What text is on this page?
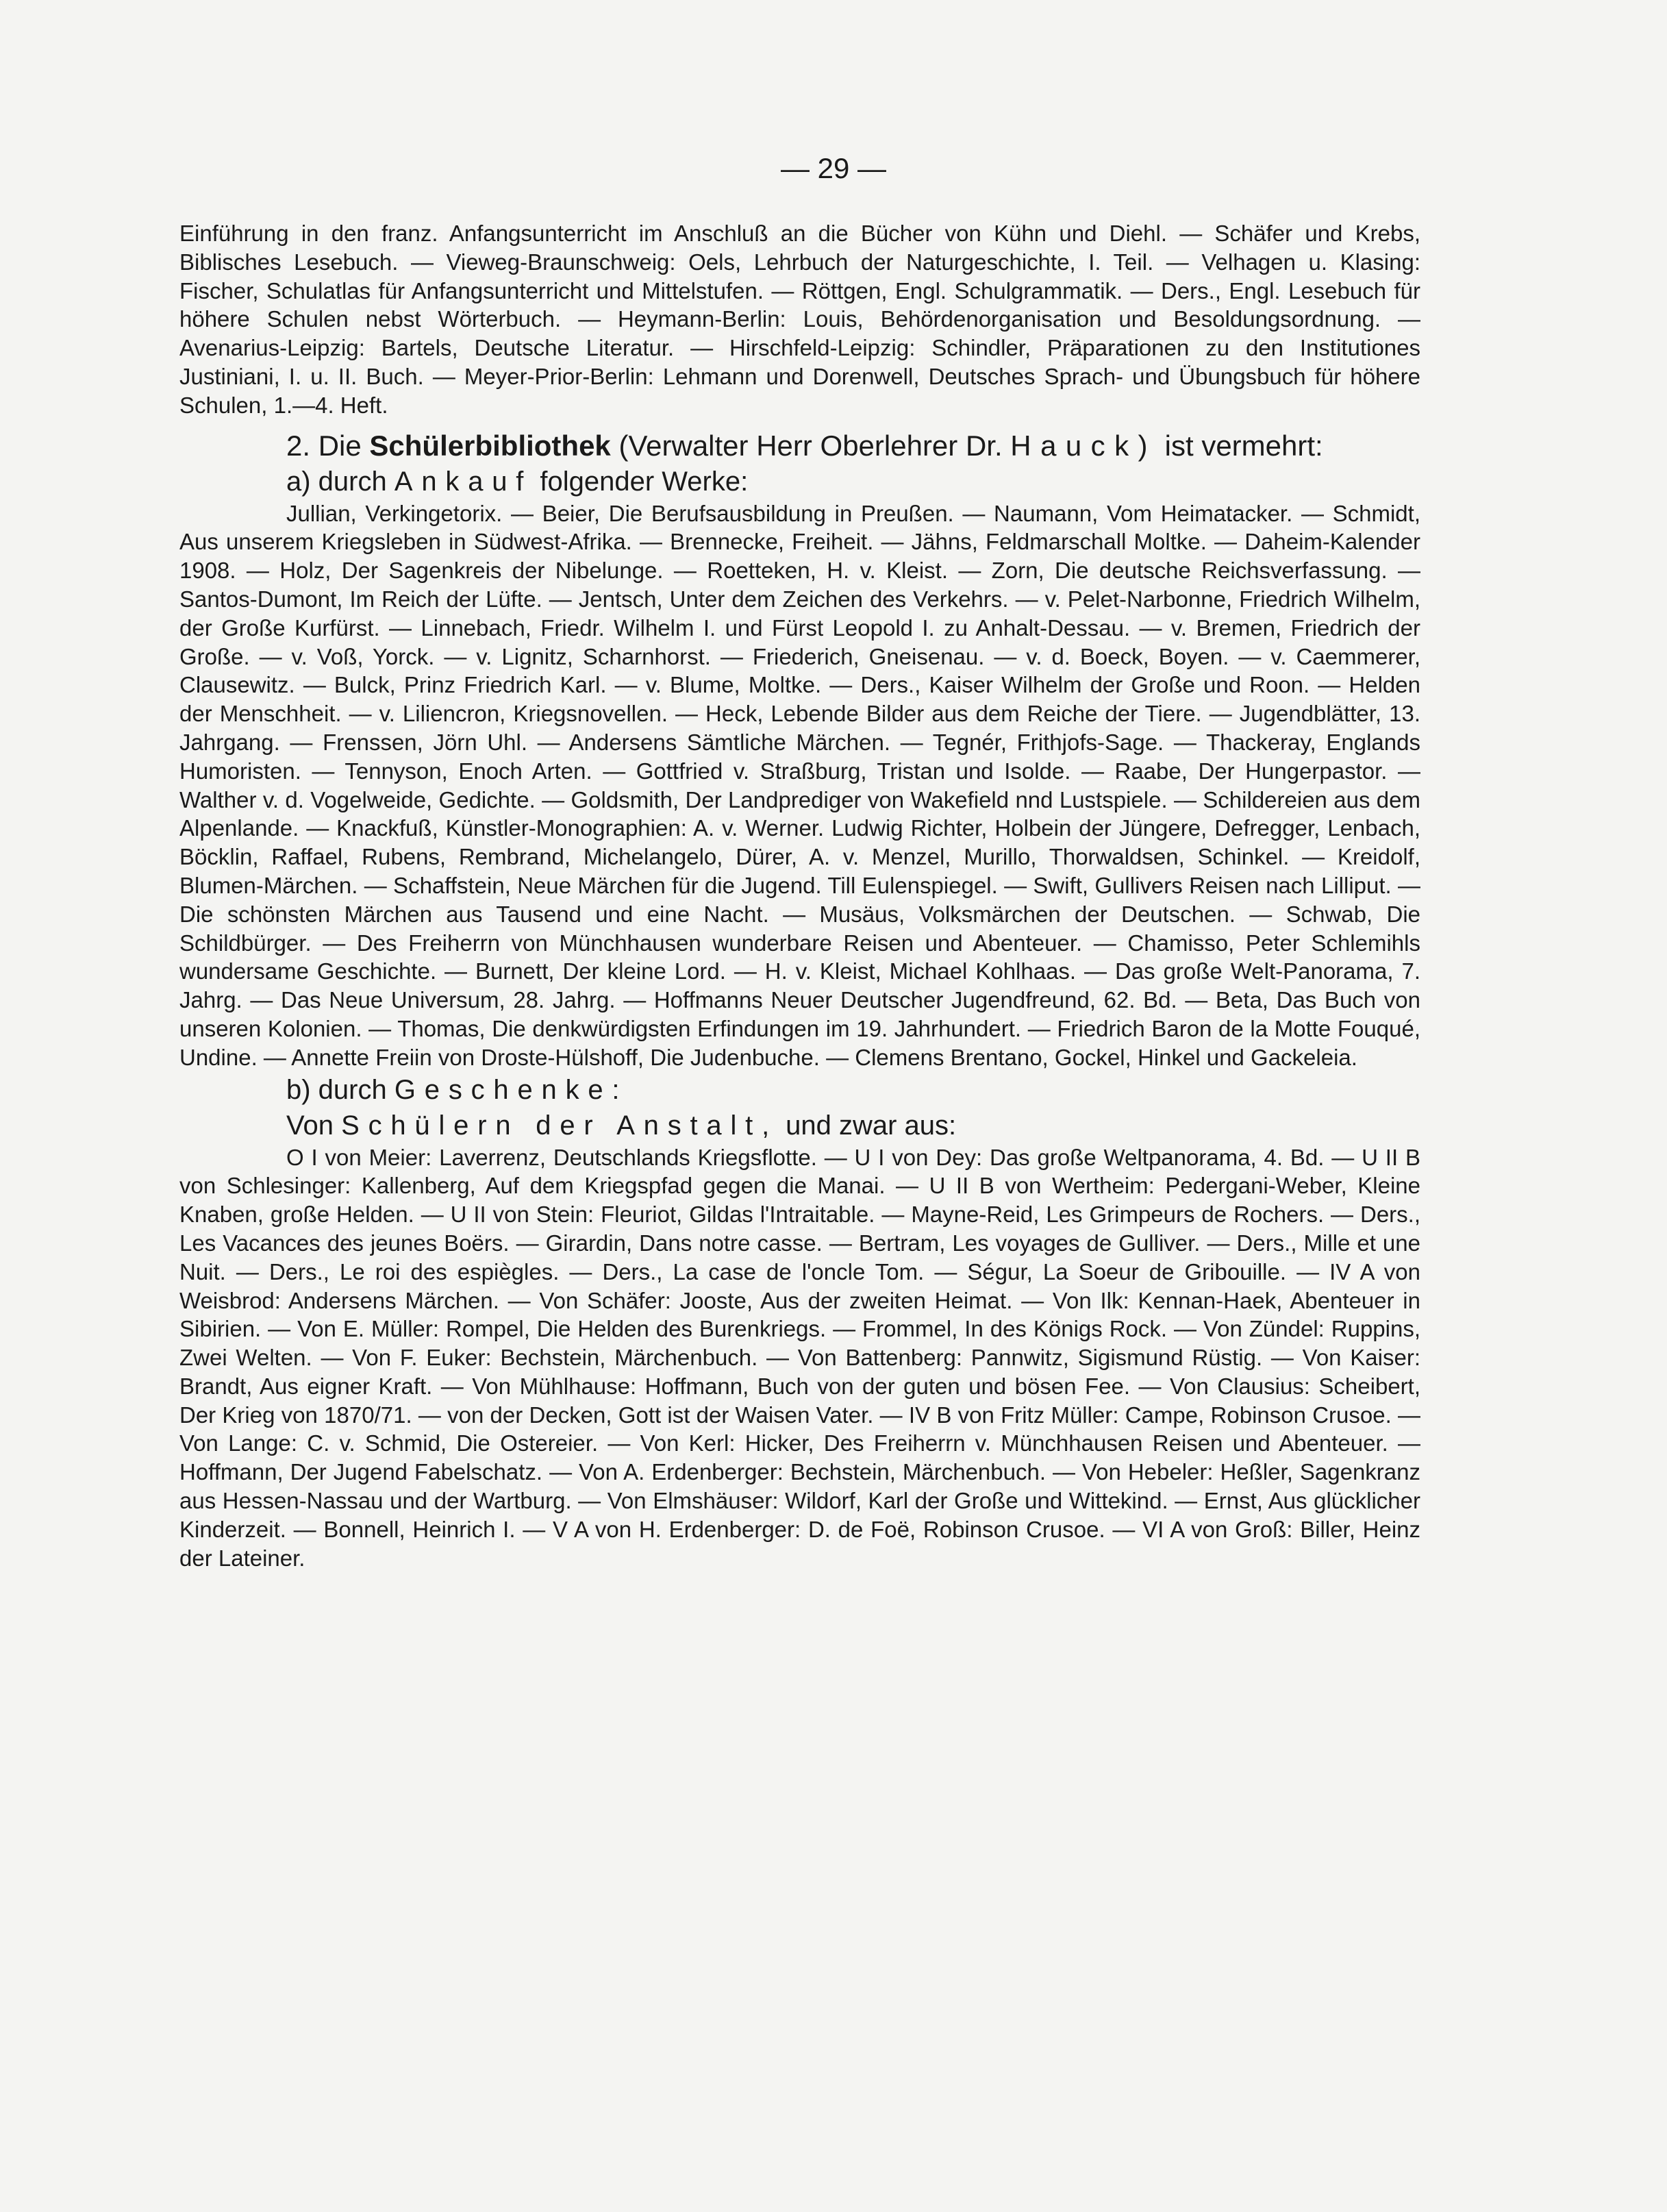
— 29 —

Einführung in den franz. Anfangsunterricht im Anschluß an die Bücher von Kühn und Diehl. — Schäfer und Krebs, Biblisches Lesebuch. — Vieweg-Braunschweig: Oels, Lehrbuch der Naturgeschichte, I. Teil. — Velhagen u. Klasing: Fischer, Schulatlas für Anfangsunterricht und Mittelstufen. — Röttgen, Engl. Schulgrammatik. — Ders., Engl. Lesebuch für höhere Schulen nebst Wörterbuch. — Heymann-Berlin: Louis, Behördenorganisation und Besoldungsordnung. — Avenarius-Leipzig: Bartels, Deutsche Literatur. — Hirschfeld-Leipzig: Schindler, Präparationen zu den Institutiones Justiniani, I. u. II. Buch. — Meyer-Prior-Berlin: Lehmann und Dorenwell, Deutsches Sprach- und Übungsbuch für höhere Schulen, 1.—4. Heft.

2. Die Schülerbibliothek (Verwalter Herr Oberlehrer Dr. Hauck) ist vermehrt:
a) durch Ankauf folgender Werke:

Jullian, Verkingetorix. — Beier, Die Berufsausbildung in Preußen. — Naumann, Vom Heimatacker. — Schmidt, Aus unserem Kriegsleben in Südwest-Afrika. — Brennecke, Freiheit. — Jähns, Feldmarschall Moltke. — Daheim-Kalender 1908. — Holz, Der Sagenkreis der Nibelunge. — Roetteken, H. v. Kleist. — Zorn, Die deutsche Reichsverfassung. — Santos-Dumont, Im Reich der Lüfte. — Jentsch, Unter dem Zeichen des Verkehrs. — v. Pelet-Narbonne, Friedrich Wilhelm, der Große Kurfürst. — Linnebach, Friedr. Wilhelm I. und Fürst Leopold I. zu Anhalt-Dessau. — v. Bremen, Friedrich der Große. — v. Voß, Yorck. — v. Lignitz, Scharnhorst. — Friederich, Gneisenau. — v. d. Boeck, Boyen. — v. Caemmerer, Clausewitz. — Bulck, Prinz Friedrich Karl. — v. Blume, Moltke. — Ders., Kaiser Wilhelm der Große und Roon. — Helden der Menschheit. — v. Liliencron, Kriegsnovellen. — Heck, Lebende Bilder aus dem Reiche der Tiere. — Jugendblätter, 13. Jahrgang. — Frenssen, Jörn Uhl. — Andersens Sämtliche Märchen. — Tegnér, Frithjofs-Sage. — Thackeray, Englands Humoristen. — Tennyson, Enoch Arten. — Gottfried v. Straßburg, Tristan und Isolde. — Raabe, Der Hungerpastor. — Walther v. d. Vogelweide, Gedichte. — Goldsmith, Der Landprediger von Wakefield nnd Lustspiele. — Schildereien aus dem Alpenlande. — Knackfuß, Künstler-Monographien: A. v. Werner. Ludwig Richter, Holbein der Jüngere, Defregger, Lenbach, Böcklin, Raffael, Rubens, Rembrand, Michelangelo, Dürer, A. v. Menzel, Murillo, Thorwaldsen, Schinkel. — Kreidolf, Blumen-Märchen. — Schaffstein, Neue Märchen für die Jugend. Till Eulenspiegel. — Swift, Gullivers Reisen nach Lilliput. — Die schönsten Märchen aus Tausend und eine Nacht. — Musäus, Volksmärchen der Deutschen. — Schwab, Die Schildbürger. — Des Freiherrn von Münchhausen wunderbare Reisen und Abenteuer. — Chamisso, Peter Schlemihls wundersame Geschichte. — Burnett, Der kleine Lord. — H. v. Kleist, Michael Kohlhaas. — Das große Welt-Panorama, 7. Jahrg. — Das Neue Universum, 28. Jahrg. — Hoffmanns Neuer Deutscher Jugendfreund, 62. Bd. — Beta, Das Buch von unseren Kolonien. — Thomas, Die denkwürdigsten Erfindungen im 19. Jahrhundert. — Friedrich Baron de la Motte Fouqué, Undine. — Annette Freiin von Droste-Hülshoff, Die Judenbuche. — Clemens Brentano, Gockel, Hinkel und Gackeleia.

b) durch Geschenke:
Von Schülern der Anstalt, und zwar aus:

O I von Meier: Laverrenz, Deutschlands Kriegsflotte. — U I von Dey: Das große Weltpanorama, 4. Bd. — U II B von Schlesinger: Kallenberg, Auf dem Kriegspfad gegen die Manai. — U II B von Wertheim: Pedergani-Weber, Kleine Knaben, große Helden. — U II von Stein: Fleuriot, Gildas l'Intraitable. — Mayne-Reid, Les Grimpeurs de Rochers. — Ders., Les Vacances des jeunes Boërs. — Girardin, Dans notre casse. — Bertram, Les voyages de Gulliver. — Ders., Mille et une Nuit. — Ders., Le roi des espiègles. — Ders., La case de l'oncle Tom. — Ségur, La Soeur de Gribouille. — IV A von Weisbrod: Andersens Märchen. — Von Schäfer: Jooste, Aus der zweiten Heimat. — Von Ilk: Kennan-Haek, Abenteuer in Sibirien. — Von E. Müller: Rompel, Die Helden des Burenkriegs. — Frommel, In des Königs Rock. — Von Zündel: Ruppins, Zwei Welten. — Von F. Euker: Bechstein, Märchenbuch. — Von Battenberg: Pannwitz, Sigismund Rüstig. — Von Kaiser: Brandt, Aus eigner Kraft. — Von Mühlhause: Hoffmann, Buch von der guten und bösen Fee. — Von Clausius: Scheibert, Der Krieg von 1870/71. — von der Decken, Gott ist der Waisen Vater. — IV B von Fritz Müller: Campe, Robinson Crusoe. — Von Lange: C. v. Schmid, Die Ostereier. — Von Kerl: Hicker, Des Freiherrn v. Münchhausen Reisen und Abenteuer. — Hoffmann, Der Jugend Fabelschatz. — Von A. Erdenberger: Bechstein, Märchenbuch. — Von Hebeler: Heßler, Sagenkranz aus Hessen-Nassau und der Wartburg. — Von Elmshäuser: Wildorf, Karl der Große und Wittekind. — Ernst, Aus glücklicher Kinderzeit. — Bonnell, Heinrich I. — V A von H. Erdenberger: D. de Foë, Robinson Crusoe. — VI A von Groß: Biller, Heinz der Lateiner.
